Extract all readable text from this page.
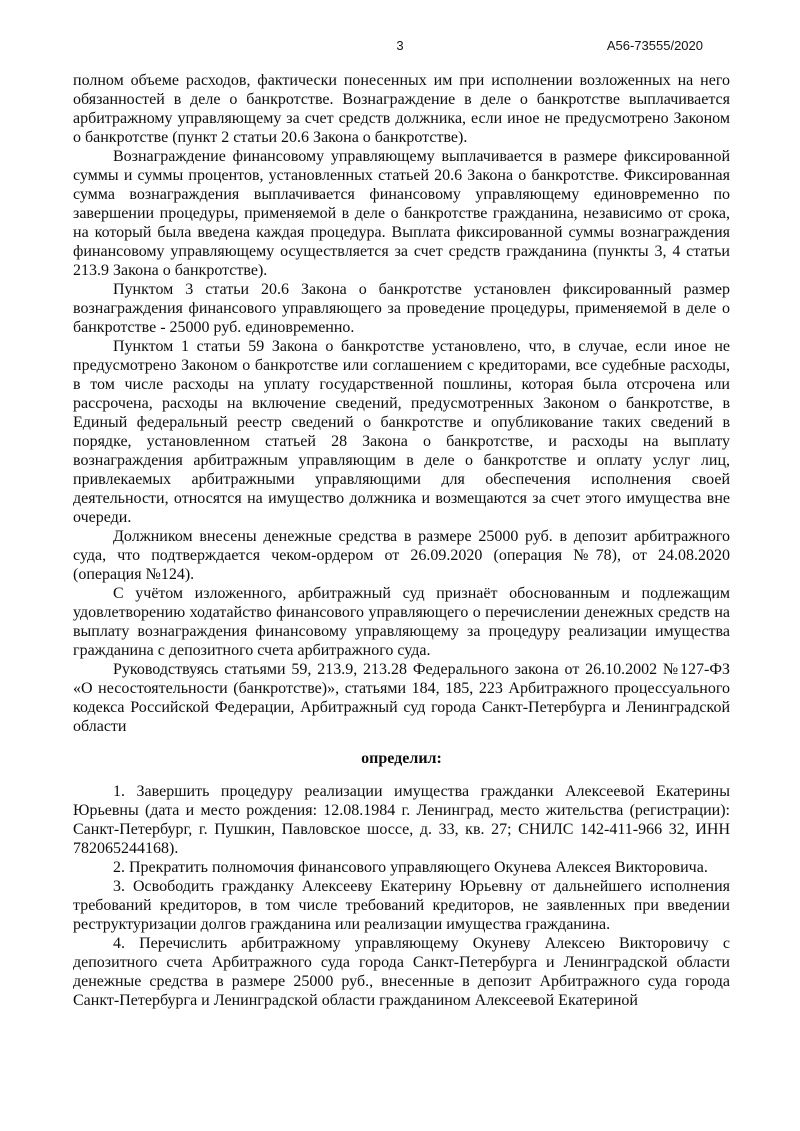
3	А56-73555/2020

полном объеме расходов, фактически понесенных им при исполнении возложенных на него обязанностей в деле о банкротстве. Вознаграждение в деле о банкротстве выплачивается арбитражному управляющему за счет средств должника, если иное не предусмотрено Законом о банкротстве (пункт 2 статьи 20.6 Закона о банкротстве).

Вознаграждение финансовому управляющему выплачивается в размере фиксированной суммы и суммы процентов, установленных статьей 20.6 Закона о банкротстве. Фиксированная сумма вознаграждения выплачивается финансовому управляющему единовременно по завершении процедуры, применяемой в деле о банкротстве гражданина, независимо от срока, на который была введена каждая процедура. Выплата фиксированной суммы вознаграждения финансовому управляющему осуществляется за счет средств гражданина (пункты 3, 4 статьи 213.9 Закона о банкротстве).

Пунктом 3 статьи 20.6 Закона о банкротстве установлен фиксированный размер вознаграждения финансового управляющего за проведение процедуры, применяемой в деле о банкротстве - 25000 руб. единовременно.

Пунктом 1 статьи 59 Закона о банкротстве установлено, что, в случае, если иное не предусмотрено Законом о банкротстве или соглашением с кредиторами, все судебные расходы, в том числе расходы на уплату государственной пошлины, которая была отсрочена или рассрочена, расходы на включение сведений, предусмотренных Законом о банкротстве, в Единый федеральный реестр сведений о банкротстве и опубликование таких сведений в порядке, установленном статьей 28 Закона о банкротстве, и расходы на выплату вознаграждения арбитражным управляющим в деле о банкротстве и оплату услуг лиц, привлекаемых арбитражными управляющими для обеспечения исполнения своей деятельности, относятся на имущество должника и возмещаются за счет этого имущества вне очереди.

Должником внесены денежные средства в размере 25000 руб. в депозит арбитражного суда, что подтверждается чеком-ордером от 26.09.2020 (операция №78), от 24.08.2020 (операция №124).

С учётом изложенного, арбитражный суд признаёт обоснованным и подлежащим удовлетворению ходатайство финансового управляющего о перечислении денежных средств на выплату вознаграждения финансовому управляющему за процедуру реализации имущества гражданина с депозитного счета арбитражного суда.

Руководствуясь статьями 59, 213.9, 213.28 Федерального закона от 26.10.2002 №127-ФЗ «О несостоятельности (банкротстве)», статьями 184, 185, 223 Арбитражного процессуального кодекса Российской Федерации, Арбитражный суд города Санкт-Петербурга и Ленинградской области

определил:

1. Завершить процедуру реализации имущества гражданки Алексеевой Екатерины Юрьевны (дата и место рождения: 12.08.1984 г. Ленинград, место жительства (регистрации): Санкт-Петербург, г. Пушкин, Павловское шоссе, д. 33, кв. 27; СНИЛС 142-411-966 32, ИНН 782065244168).

2. Прекратить полномочия финансового управляющего Окунева Алексея Викторовича.

3. Освободить гражданку Алексееву Екатерину Юрьевну от дальнейшего исполнения требований кредиторов, в том числе требований кредиторов, не заявленных при введении реструктуризации долгов гражданина или реализации имущества гражданина.

4. Перечислить арбитражному управляющему Окуневу Алексею Викторовичу с депозитного счета Арбитражного суда города Санкт-Петербурга и Ленинградской области денежные средства в размере 25000 руб., внесенные в депозит Арбитражного суда города Санкт-Петербурга и Ленинградской области гражданином Алексеевой Екатериной
